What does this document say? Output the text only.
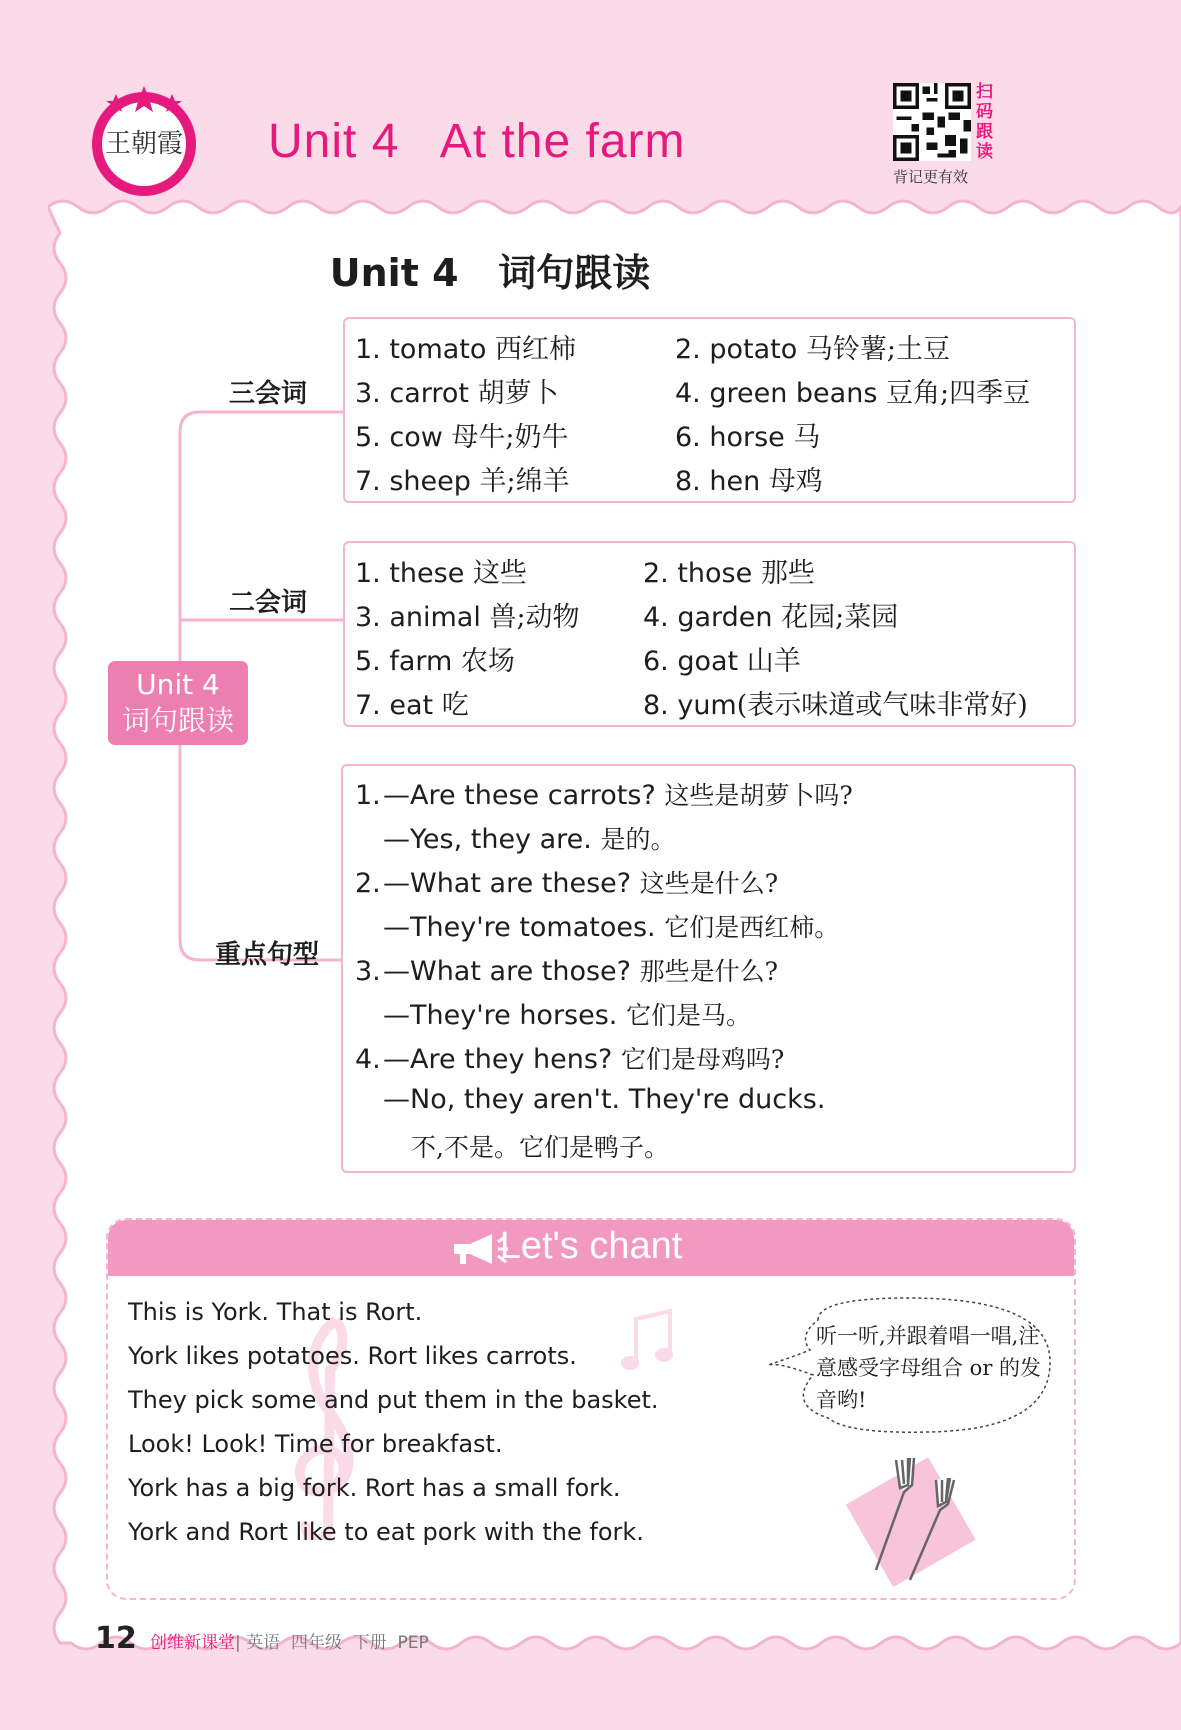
王朝霞 Unit 4   At the farm
扫码跟读
背记更有效
Unit 4   词句跟读
Unit 4
词句跟读
三会词
二会词
重点句型
1. tomato 西红柿	2. potato 马铃薯;土豆
3. carrot 胡萝卜	4. green beans 豆角;四季豆
5. cow 母牛;奶牛	6. horse 马
7. sheep 羊;绵羊	8. hen 母鸡
1. these 这些	2. those 那些
3. animal 兽;动物 4. garden 花园;菜园
5. farm 农场	6. goat 山羊
7. eat 吃	8. yum(表示味道或气味非常好)
1.—Are these carrots? 这些是胡萝卜吗?
—Yes, they are. 是的。
2.—What are these? 这些是什么?
—They're tomatoes. 它们是西红柿。
3.—What are those? 那些是什么?
—They're horses. 它们是马。
4.—Are they hens? 它们是母鸡吗?
—No, they aren't. They're ducks.
不,不是。它们是鸭子。
Let's chant
This is York. That is Rort.
York likes potatoes. Rort likes carrots.
They pick some and put them in the basket.
Look! Look! Time for breakfast.
York has a big fork. Rort has a small fork.
York and Rort like to eat pork with the fork.
听一听,并跟着唱一唱,注意感受字母组合 or 的发音哟!
12 创维新课堂| 英语  四年级  下册  PEP
